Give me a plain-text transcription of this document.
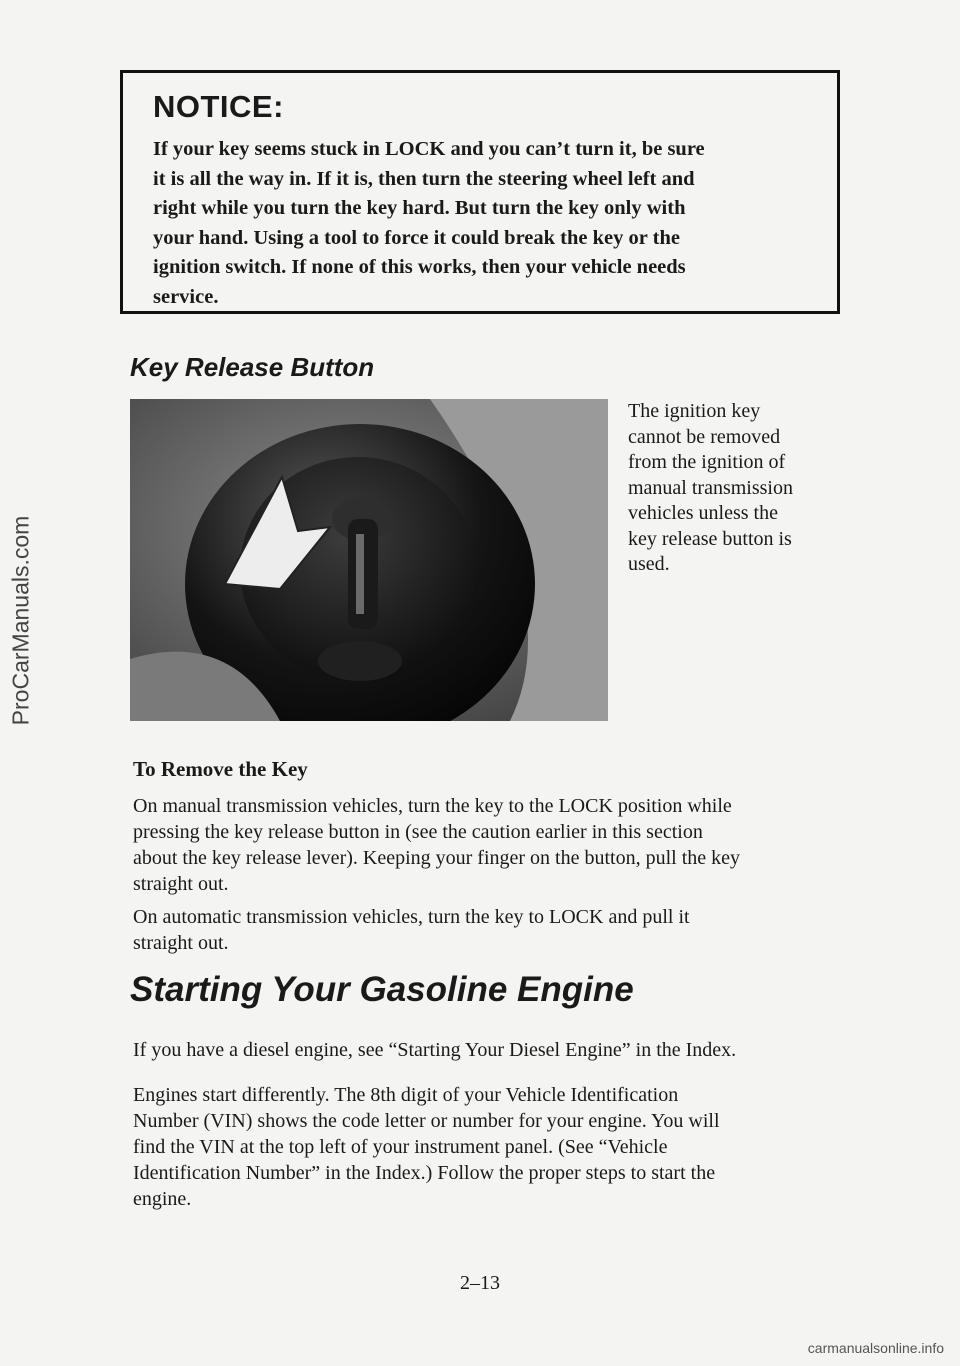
ProCarManuals.com

NOTICE:

If your key seems stuck in LOCK and you can’t turn it, be sure
it is all the way in. If it is, then turn the steering wheel left and
right while you turn the key hard. But turn the key only with
your hand. Using a tool to force it could break the key or the
ignition switch. If none of this works, then your vehicle needs
service.

Key Release Button

The ignition key
cannot be removed
from the ignition of
manual transmission
vehicles unless the
key release button is
used.

To Remove the Key

On manual transmission vehicles, turn the key to the LOCK position while
pressing the key release button in (see the caution earlier in this section
about the key release lever). Keeping your finger on the button, pull the key
straight out.

On automatic transmission vehicles, turn the key to LOCK and pull it
straight out.

Starting Your Gasoline Engine

If you have a diesel engine, see “Starting Your Diesel Engine” in the Index.

Engines start differently. The 8th digit of your Vehicle Identification
Number (VIN) shows the code letter or number for your engine. You will
find the VIN at the top left of your instrument panel. (See “Vehicle
Identification Number” in the Index.) Follow the proper steps to start the
engine.

2–13

carmanualsonline.info
